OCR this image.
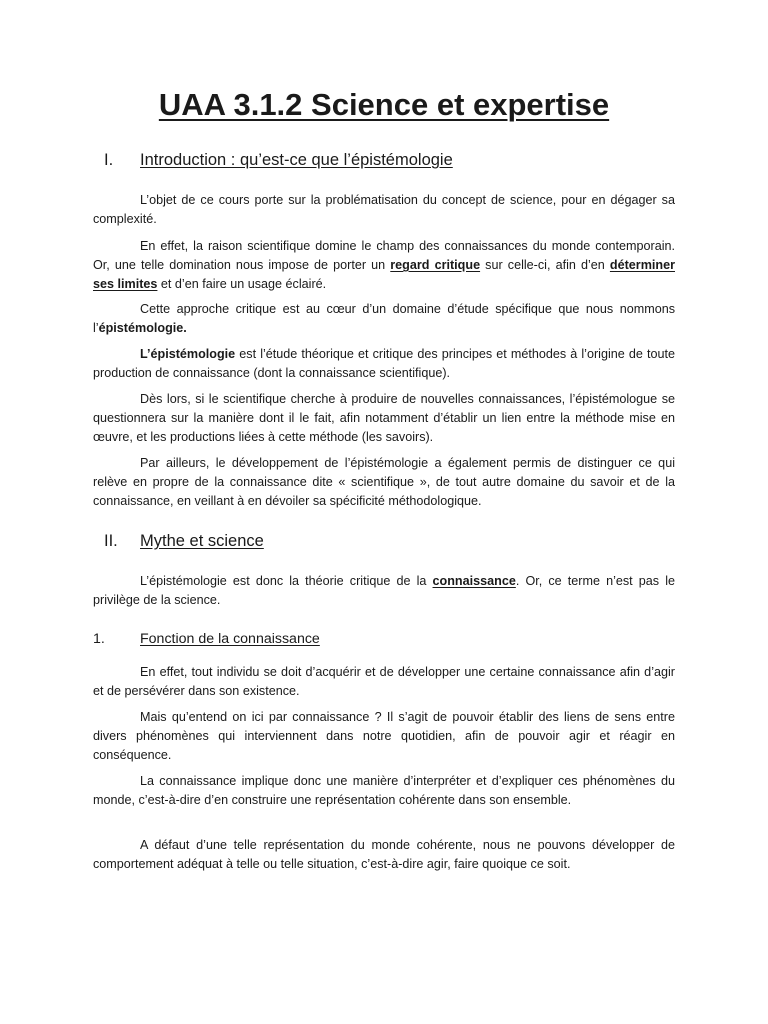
UAA 3.1.2 Science et expertise
I.	Introduction : qu’est-ce que l’épistémologie

L’objet de ce cours porte sur la problématisation du concept de science, pour en dégager sa complexité.

En effet, la raison scientifique domine le champ des connaissances du monde contemporain. Or, une telle domination nous impose de porter un regard critique sur celle-ci, afin d’en déterminer ses limites et d’en faire un usage éclairé.

Cette approche critique est au cœur d’un domaine d’étude spécifique que nous nommons l’épistémologie.

L’épistémologie est l’étude théorique et critique des principes et méthodes à l’origine de toute production de connaissance (dont la connaissance scientifique).

Dès lors, si le scientifique cherche à produire de nouvelles connaissances, l’épistémologue se questionnera sur la manière dont il le fait, afin notamment d’établir un lien entre la méthode mise en œuvre, et les productions liées à cette méthode (les savoirs).

Par ailleurs, le développement de l’épistémologie a également permis de distinguer ce qui relève en propre de la connaissance dite « scientifique », de tout autre domaine du savoir et de la connaissance, en veillant à en dévoiler sa spécificité méthodologique.

II.	Mythe et science

L’épistémologie est donc la théorie critique de la connaissance. Or, ce terme n’est pas le privilège de la science.

1.	Fonction de la connaissance

En effet, tout individu se doit d’acquérir et de développer une certaine connaissance afin d’agir et de persévérer dans son existence.

Mais qu’entend on ici par connaissance ? Il s’agit de pouvoir établir des liens de sens entre divers phénomènes qui interviennent dans notre quotidien, afin de pouvoir agir et réagir en conséquence.

La connaissance implique donc une manière d’interpréter et d’expliquer ces phénomènes du monde, c’est-à-dire d’en construire une représentation cohérente dans son ensemble.

A défaut d’une telle représentation du monde cohérente, nous ne pouvons développer de comportement adéquat à telle ou telle situation, c’est-à-dire agir, faire quoique ce soit.
